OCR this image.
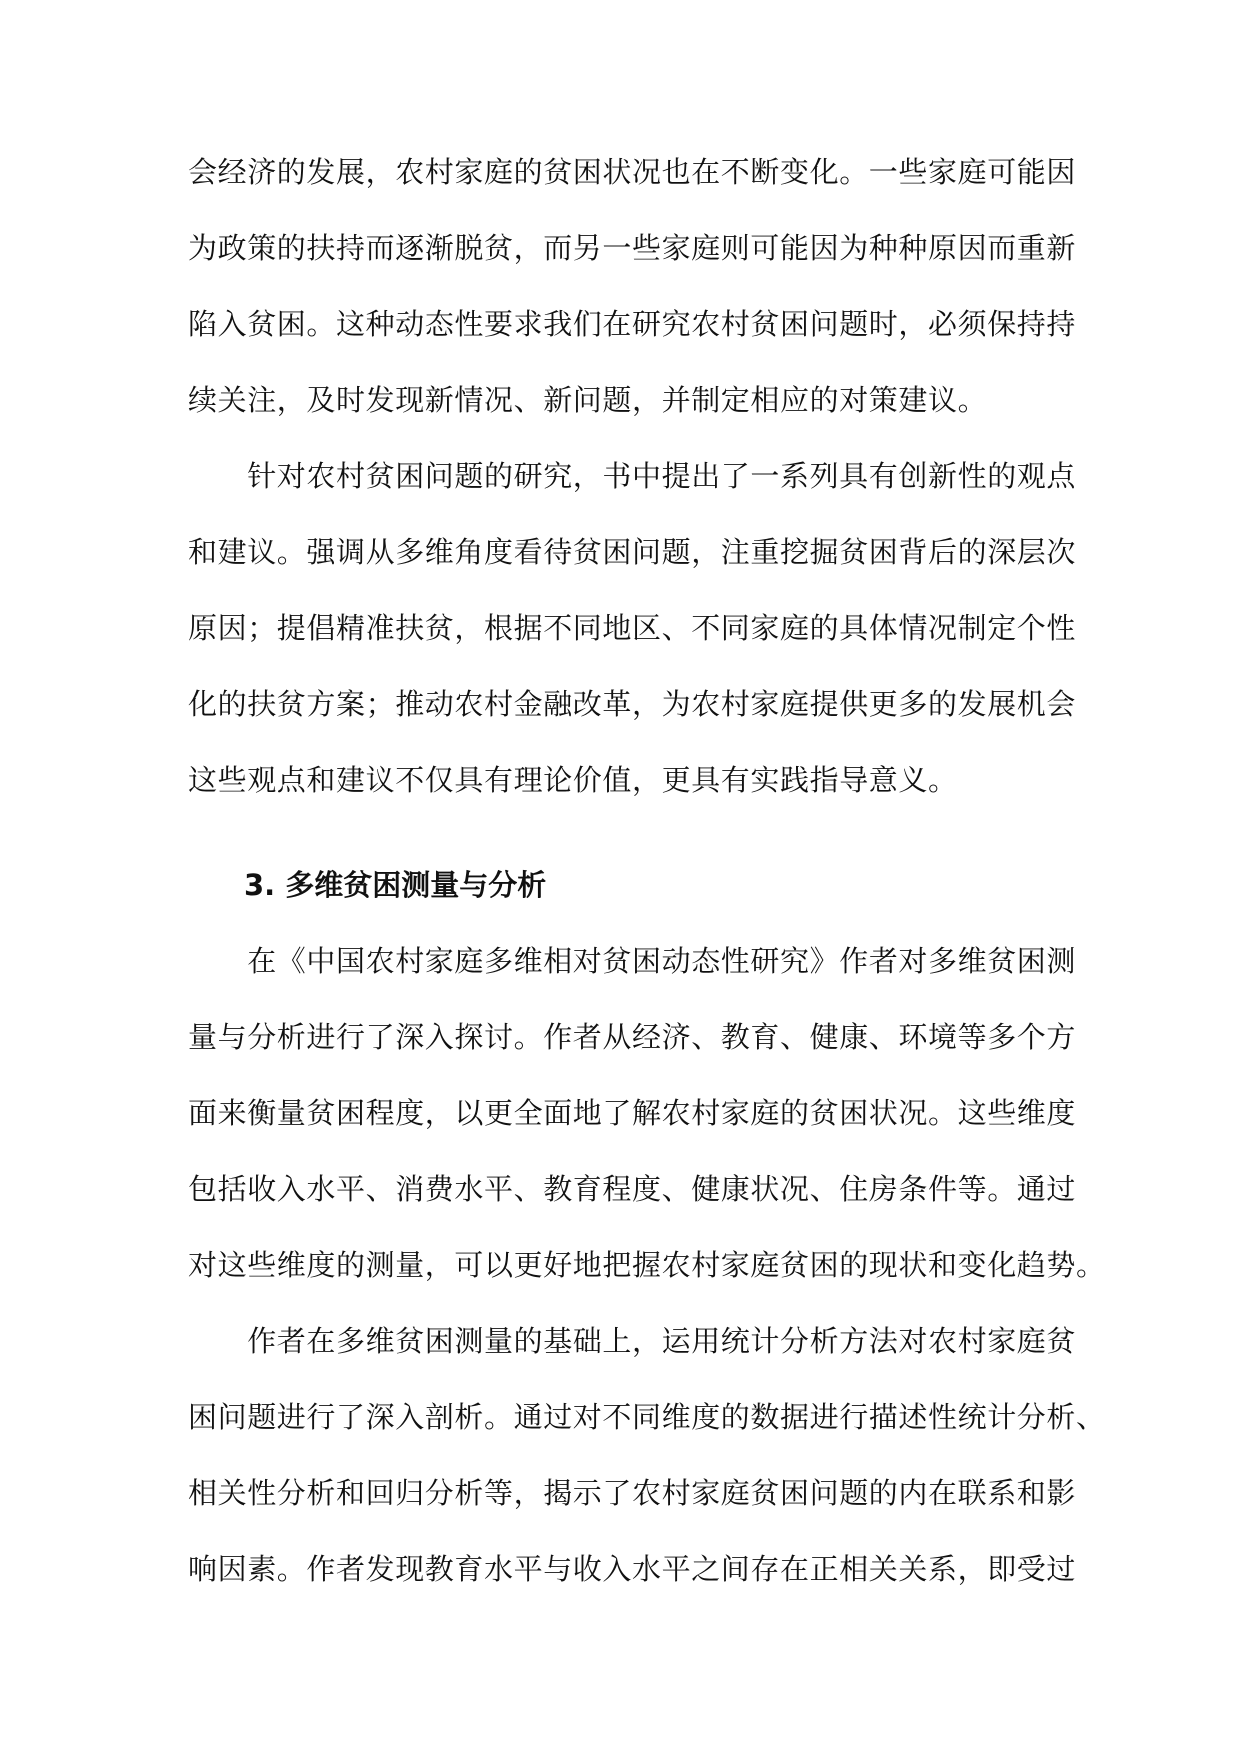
会经济的发展，农村家庭的贫困状况也在不断变化。一些家庭可能因
为政策的扶持而逐渐脱贫，而另一些家庭则可能因为种种原因而重新
陷入贫困。这种动态性要求我们在研究农村贫困问题时，必须保持持
续关注，及时发现新情况、新问题，并制定相应的对策建议。
　　针对农村贫困问题的研究，书中提出了一系列具有创新性的观点
和建议。强调从多维角度看待贫困问题，注重挖掘贫困背后的深层次
原因；提倡精准扶贫，根据不同地区、不同家庭的具体情况制定个性
化的扶贫方案；推动农村金融改革，为农村家庭提供更多的发展机会
这些观点和建议不仅具有理论价值，更具有实践指导意义。
3. 多维贫困测量与分析
　　在《中国农村家庭多维相对贫困动态性研究》作者对多维贫困测
量与分析进行了深入探讨。作者从经济、教育、健康、环境等多个方
面来衡量贫困程度，以更全面地了解农村家庭的贫困状况。这些维度
包括收入水平、消费水平、教育程度、健康状况、住房条件等。通过
对这些维度的测量，可以更好地把握农村家庭贫困的现状和变化趋势。
　　作者在多维贫困测量的基础上，运用统计分析方法对农村家庭贫
困问题进行了深入剖析。通过对不同维度的数据进行描述性统计分析、
相关性分析和回归分析等，揭示了农村家庭贫困问题的内在联系和影
响因素。作者发现教育水平与收入水平之间存在正相关关系，即受过
